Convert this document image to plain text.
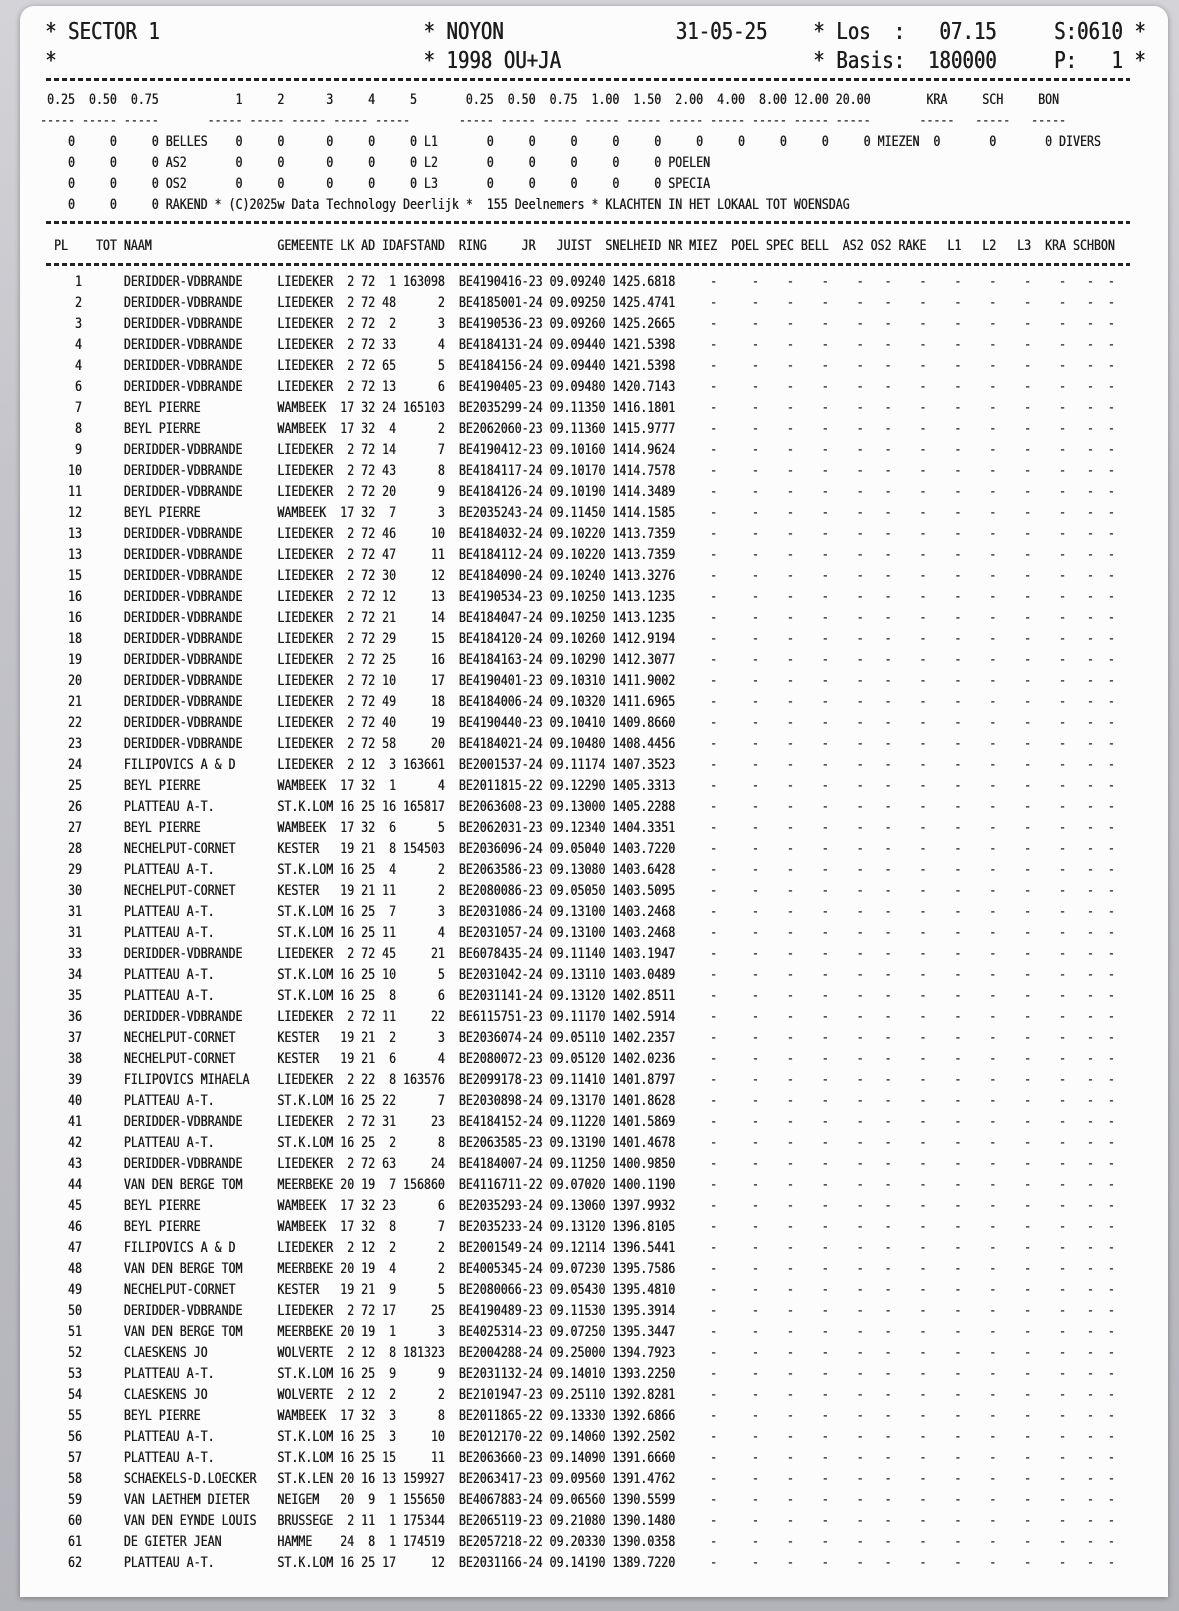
* SECTOR 1                       * NOYON               31-05-25    * Los  :   07.15     S:0610 *
*                                * 1998 OU+JA                      * Basis:  180000     P:   1 *
0.25  0.50  0.75           1     2      3     4     5       0.25  0.50  0.75  1.00  1.50  2.00  4.00  8.00 12.00 20.00        KRA     SCH     BON
----- ----- -----       ----- ----- ----- ----- -----       ----- ----- ----- ----- ----- ----- ----- ----- ----- -----       -----   -----   -----
0     0     0 BELLES    0     0      0     0     0 L1       0     0     0     0     0     0     0     0     0     0 MIEZEN  0       0       0 DIVERS
0     0     0 AS2       0     0      0     0     0 L2       0     0     0     0     0 POELEN
0     0     0 OS2       0     0      0     0     0 L3       0     0     0     0     0 SPECIA
0     0     0 RAKEND * (C)2025w Data Technology Deerlijk *  155 Deelnemers * KLACHTEN IN HET LOKAAL TOT WOENSDAG
PL    TOT NAAM                  GEMEENTE LK AD IDAFSTAND  RING     JR   JUIST  SNELHEID NR MIEZ  POEL SPEC BELL  AS2 OS2 RAKE   L1   L2   L3  KRA SCHBON
1      DERIDDER-VDBRANDE     LIEDEKER  2 72  1 163098  BE4190416-23 09.09240 1425.6818     -     -    -    -    -   -    -    -    -    -    -   -  -
2      DERIDDER-VDBRANDE     LIEDEKER  2 72 48      2  BE4185001-24 09.09250 1425.4741     -     -    -    -    -   -    -    -    -    -    -   -  -
3      DERIDDER-VDBRANDE     LIEDEKER  2 72  2      3  BE4190536-23 09.09260 1425.2665     -     -    -    -    -   -    -    -    -    -    -   -  -
4      DERIDDER-VDBRANDE     LIEDEKER  2 72 33      4  BE4184131-24 09.09440 1421.5398     -     -    -    -    -   -    -    -    -    -    -   -  -
4      DERIDDER-VDBRANDE     LIEDEKER  2 72 65      5  BE4184156-24 09.09440 1421.5398     -     -    -    -    -   -    -    -    -    -    -   -  -
6      DERIDDER-VDBRANDE     LIEDEKER  2 72 13      6  BE4190405-23 09.09480 1420.7143     -     -    -    -    -   -    -    -    -    -    -   -  -
7      BEYL PIERRE           WAMBEEK  17 32 24 165103  BE2035299-24 09.11350 1416.1801     -     -    -    -    -   -    -    -    -    -    -   -  -
8      BEYL PIERRE           WAMBEEK  17 32  4      2  BE2062060-23 09.11360 1415.9777     -     -    -    -    -   -    -    -    -    -    -   -  -
9      DERIDDER-VDBRANDE     LIEDEKER  2 72 14      7  BE4190412-23 09.10160 1414.9624     -     -    -    -    -   -    -    -    -    -    -   -  -
10      DERIDDER-VDBRANDE     LIEDEKER  2 72 43      8  BE4184117-24 09.10170 1414.7578     -     -    -    -    -   -    -    -    -    -    -   -  -
11      DERIDDER-VDBRANDE     LIEDEKER  2 72 20      9  BE4184126-24 09.10190 1414.3489     -     -    -    -    -   -    -    -    -    -    -   -  -
12      BEYL PIERRE           WAMBEEK  17 32  7      3  BE2035243-24 09.11450 1414.1585     -     -    -    -    -   -    -    -    -    -    -   -  -
13      DERIDDER-VDBRANDE     LIEDEKER  2 72 46     10  BE4184032-24 09.10220 1413.7359     -     -    -    -    -   -    -    -    -    -    -   -  -
13      DERIDDER-VDBRANDE     LIEDEKER  2 72 47     11  BE4184112-24 09.10220 1413.7359     -     -    -    -    -   -    -    -    -    -    -   -  -
15      DERIDDER-VDBRANDE     LIEDEKER  2 72 30     12  BE4184090-24 09.10240 1413.3276     -     -    -    -    -   -    -    -    -    -    -   -  -
16      DERIDDER-VDBRANDE     LIEDEKER  2 72 12     13  BE4190534-23 09.10250 1413.1235     -     -    -    -    -   -    -    -    -    -    -   -  -
16      DERIDDER-VDBRANDE     LIEDEKER  2 72 21     14  BE4184047-24 09.10250 1413.1235     -     -    -    -    -   -    -    -    -    -    -   -  -
18      DERIDDER-VDBRANDE     LIEDEKER  2 72 29     15  BE4184120-24 09.10260 1412.9194     -     -    -    -    -   -    -    -    -    -    -   -  -
19      DERIDDER-VDBRANDE     LIEDEKER  2 72 25     16  BE4184163-24 09.10290 1412.3077     -     -    -    -    -   -    -    -    -    -    -   -  -
20      DERIDDER-VDBRANDE     LIEDEKER  2 72 10     17  BE4190401-23 09.10310 1411.9002     -     -    -    -    -   -    -    -    -    -    -   -  -
21      DERIDDER-VDBRANDE     LIEDEKER  2 72 49     18  BE4184006-24 09.10320 1411.6965     -     -    -    -    -   -    -    -    -    -    -   -  -
22      DERIDDER-VDBRANDE     LIEDEKER  2 72 40     19  BE4190440-23 09.10410 1409.8660     -     -    -    -    -   -    -    -    -    -    -   -  -
23      DERIDDER-VDBRANDE     LIEDEKER  2 72 58     20  BE4184021-24 09.10480 1408.4456     -     -    -    -    -   -    -    -    -    -    -   -  -
24      FILIPOVICS A & D      LIEDEKER  2 12  3 163661  BE2001537-24 09.11174 1407.3523     -     -    -    -    -   -    -    -    -    -    -   -  -
25      BEYL PIERRE           WAMBEEK  17 32  1      4  BE2011815-22 09.12290 1405.3313     -     -    -    -    -   -    -    -    -    -    -   -  -
26      PLATTEAU A-T.         ST.K.LOM 16 25 16 165817  BE2063608-23 09.13000 1405.2288     -     -    -    -    -   -    -    -    -    -    -   -  -
27      BEYL PIERRE           WAMBEEK  17 32  6      5  BE2062031-23 09.12340 1404.3351     -     -    -    -    -   -    -    -    -    -    -   -  -
28      NECHELPUT-CORNET      KESTER   19 21  8 154503  BE2036096-24 09.05040 1403.7220     -     -    -    -    -   -    -    -    -    -    -   -  -
29      PLATTEAU A-T.         ST.K.LOM 16 25  4      2  BE2063586-23 09.13080 1403.6428     -     -    -    -    -   -    -    -    -    -    -   -  -
30      NECHELPUT-CORNET      KESTER   19 21 11      2  BE2080086-23 09.05050 1403.5095     -     -    -    -    -   -    -    -    -    -    -   -  -
31      PLATTEAU A-T.         ST.K.LOM 16 25  7      3  BE2031086-24 09.13100 1403.2468     -     -    -    -    -   -    -    -    -    -    -   -  -
31      PLATTEAU A-T.         ST.K.LOM 16 25 11      4  BE2031057-24 09.13100 1403.2468     -     -    -    -    -   -    -    -    -    -    -   -  -
33      DERIDDER-VDBRANDE     LIEDEKER  2 72 45     21  BE6078435-24 09.11140 1403.1947     -     -    -    -    -   -    -    -    -    -    -   -  -
34      PLATTEAU A-T.         ST.K.LOM 16 25 10      5  BE2031042-24 09.13110 1403.0489     -     -    -    -    -   -    -    -    -    -    -   -  -
35      PLATTEAU A-T.         ST.K.LOM 16 25  8      6  BE2031141-24 09.13120 1402.8511     -     -    -    -    -   -    -    -    -    -    -   -  -
36      DERIDDER-VDBRANDE     LIEDEKER  2 72 11     22  BE6115751-23 09.11170 1402.5914     -     -    -    -    -   -    -    -    -    -    -   -  -
37      NECHELPUT-CORNET      KESTER   19 21  2      3  BE2036074-24 09.05110 1402.2357     -     -    -    -    -   -    -    -    -    -    -   -  -
38      NECHELPUT-CORNET      KESTER   19 21  6      4  BE2080072-23 09.05120 1402.0236     -     -    -    -    -   -    -    -    -    -    -   -  -
39      FILIPOVICS MIHAELA    LIEDEKER  2 22  8 163576  BE2099178-23 09.11410 1401.8797     -     -    -    -    -   -    -    -    -    -    -   -  -
40      PLATTEAU A-T.         ST.K.LOM 16 25 22      7  BE2030898-24 09.13170 1401.8628     -     -    -    -    -   -    -    -    -    -    -   -  -
41      DERIDDER-VDBRANDE     LIEDEKER  2 72 31     23  BE4184152-24 09.11220 1401.5869     -     -    -    -    -   -    -    -    -    -    -   -  -
42      PLATTEAU A-T.         ST.K.LOM 16 25  2      8  BE2063585-23 09.13190 1401.4678     -     -    -    -    -   -    -    -    -    -    -   -  -
43      DERIDDER-VDBRANDE     LIEDEKER  2 72 63     24  BE4184007-24 09.11250 1400.9850     -     -    -    -    -   -    -    -    -    -    -   -  -
44      VAN DEN BERGE TOM     MEERBEKE 20 19  7 156860  BE4116711-22 09.07020 1400.1190     -     -    -    -    -   -    -    -    -    -    -   -  -
45      BEYL PIERRE           WAMBEEK  17 32 23      6  BE2035293-24 09.13060 1397.9932     -     -    -    -    -   -    -    -    -    -    -   -  -
46      BEYL PIERRE           WAMBEEK  17 32  8      7  BE2035233-24 09.13120 1396.8105     -     -    -    -    -   -    -    -    -    -    -   -  -
47      FILIPOVICS A & D      LIEDEKER  2 12  2      2  BE2001549-24 09.12114 1396.5441     -     -    -    -    -   -    -    -    -    -    -   -  -
48      VAN DEN BERGE TOM     MEERBEKE 20 19  4      2  BE4005345-24 09.07230 1395.7586     -     -    -    -    -   -    -    -    -    -    -   -  -
49      NECHELPUT-CORNET      KESTER   19 21  9      5  BE2080066-23 09.05430 1395.4810     -     -    -    -    -   -    -    -    -    -    -   -  -
50      DERIDDER-VDBRANDE     LIEDEKER  2 72 17     25  BE4190489-23 09.11530 1395.3914     -     -    -    -    -   -    -    -    -    -    -   -  -
51      VAN DEN BERGE TOM     MEERBEKE 20 19  1      3  BE4025314-23 09.07250 1395.3447     -     -    -    -    -   -    -    -    -    -    -   -  -
52      CLAESKENS JO          WOLVERTE  2 12  8 181323  BE2004288-24 09.25000 1394.7923     -     -    -    -    -   -    -    -    -    -    -   -  -
53      PLATTEAU A-T.         ST.K.LOM 16 25  9      9  BE2031132-24 09.14010 1393.2250     -     -    -    -    -   -    -    -    -    -    -   -  -
54      CLAESKENS JO          WOLVERTE  2 12  2      2  BE2101947-23 09.25110 1392.8281     -     -    -    -    -   -    -    -    -    -    -   -  -
55      BEYL PIERRE           WAMBEEK  17 32  3      8  BE2011865-22 09.13330 1392.6866     -     -    -    -    -   -    -    -    -    -    -   -  -
56      PLATTEAU A-T.         ST.K.LOM 16 25  3     10  BE2012170-22 09.14060 1392.2502     -     -    -    -    -   -    -    -    -    -    -   -  -
57      PLATTEAU A-T.         ST.K.LOM 16 25 15     11  BE2063660-23 09.14090 1391.6660     -     -    -    -    -   -    -    -    -    -    -   -  -
58      SCHAEKELS-D.LOECKER   ST.K.LEN 20 16 13 159927  BE2063417-23 09.09560 1391.4762     -     -    -    -    -   -    -    -    -    -    -   -  -
59      VAN LAETHEM DIETER    NEIGEM   20  9  1 155650  BE4067883-24 09.06560 1390.5599     -     -    -    -    -   -    -    -    -    -    -   -  -
60      VAN DEN EYNDE LOUIS   BRUSSEGE  2 11  1 175344  BE2065119-23 09.21080 1390.1480     -     -    -    -    -   -    -    -    -    -    -   -  -
61      DE GIETER JEAN        HAMME    24  8  1 174519  BE2057218-22 09.20330 1390.0358     -     -    -    -    -   -    -    -    -    -    -   -  -
62      PLATTEAU A-T.         ST.K.LOM 16 25 17     12  BE2031166-24 09.14190 1389.7220     -     -    -    -    -   -    -    -    -    -    -   -  -
